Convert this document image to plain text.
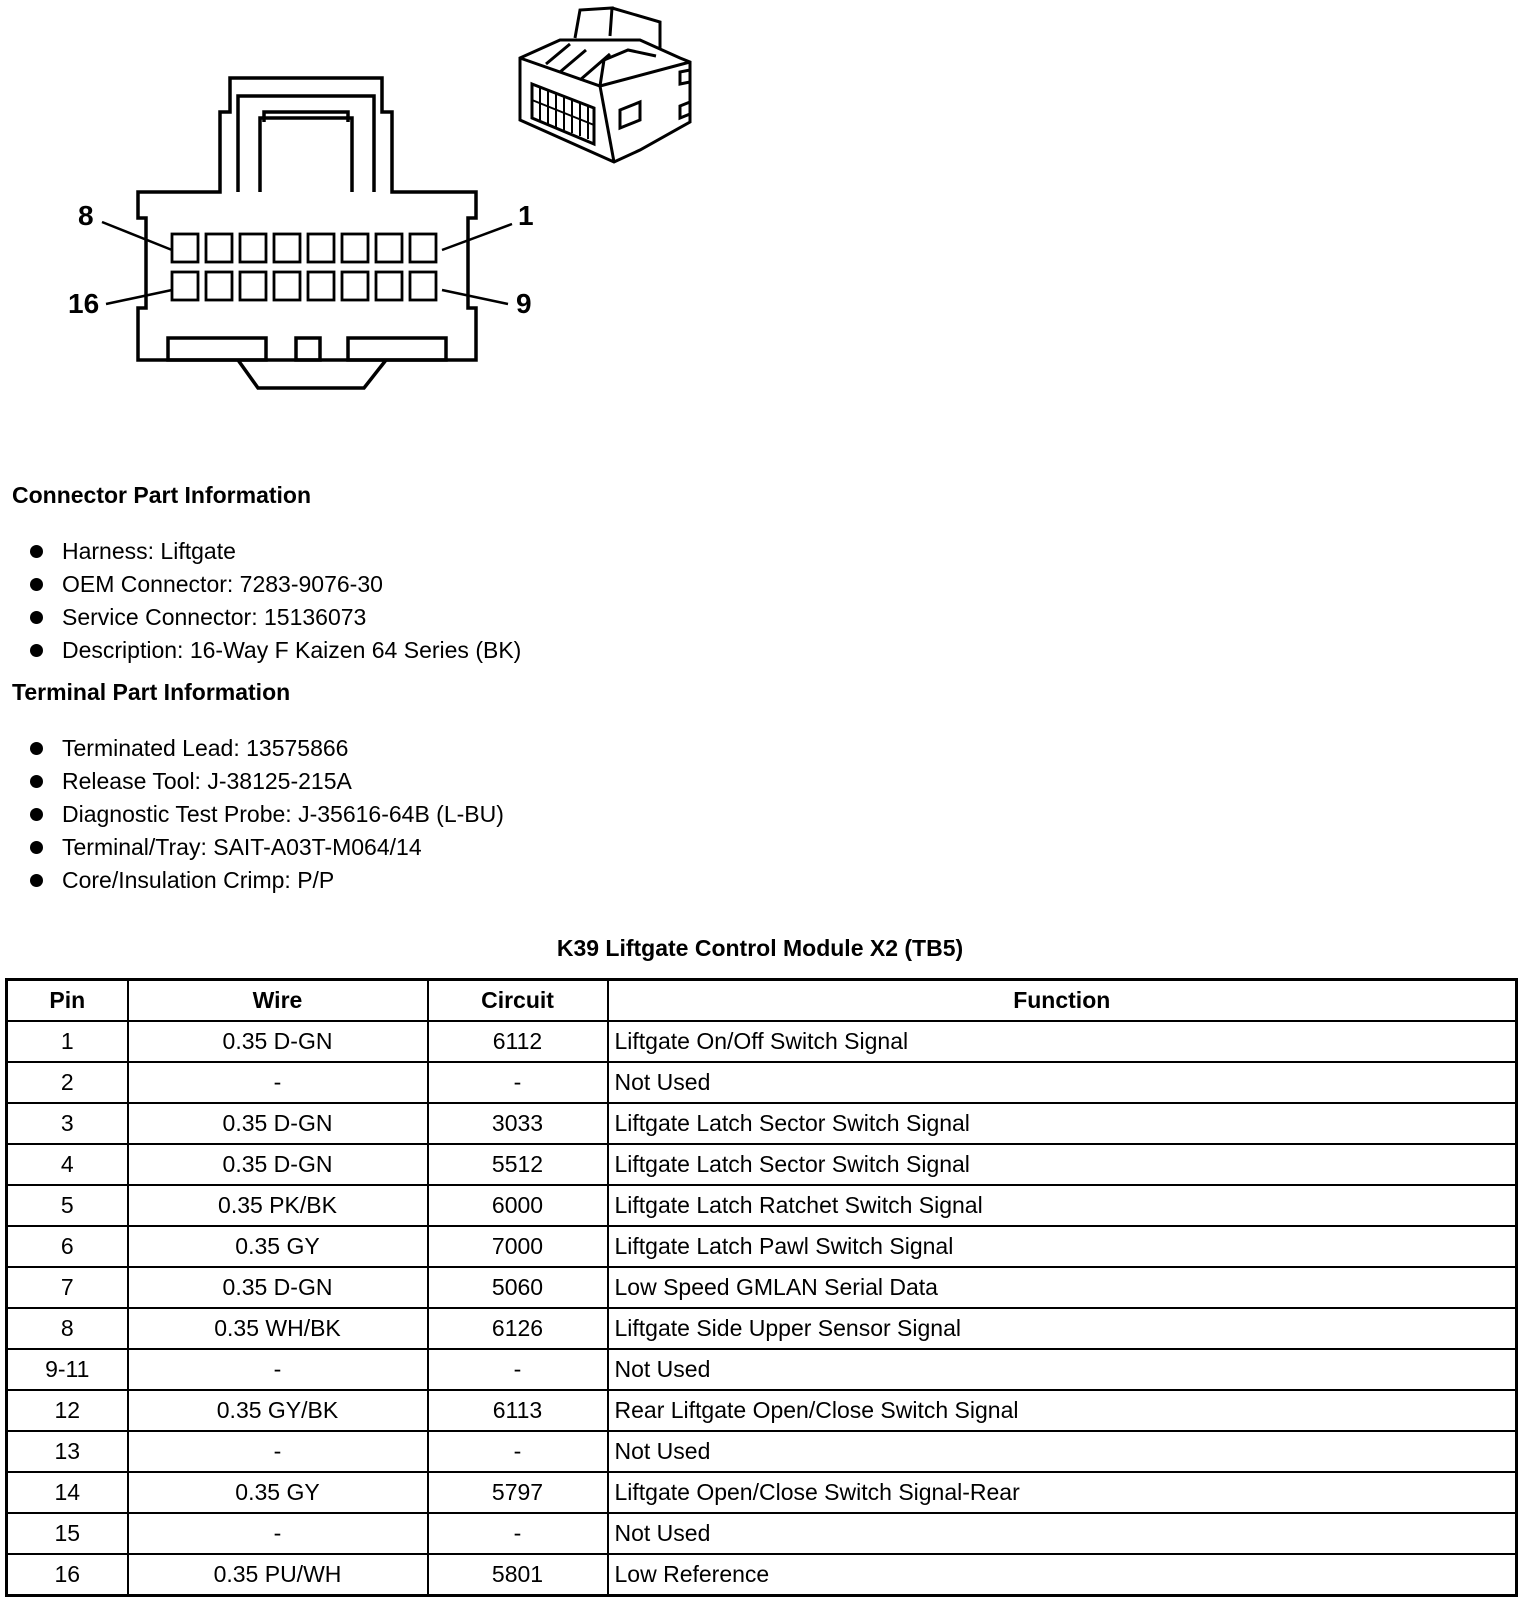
8	1
16	9
Connector Part Information
Harness: Liftgate
OEM Connector: 7283-9076-30
Service Connector: 15136073
Description: 16-Way F Kaizen 64 Series (BK)
Terminal Part Information
Terminated Lead: 13575866
Release Tool: J-38125-215A
Diagnostic Test Probe: J-35616-64B (L-BU)
Terminal/Tray: SAIT-A03T-M064/14
Core/Insulation Crimp: P/P
K39 Liftgate Control Module X2 (TB5)
Pin	Wire	Circuit	Function
1	0.35 D-GN	6112	Liftgate On/Off Switch Signal
2	-	-	Not Used
3	0.35 D-GN	3033	Liftgate Latch Sector Switch Signal
4	0.35 D-GN	5512	Liftgate Latch Sector Switch Signal
5	0.35 PK/BK	6000	Liftgate Latch Ratchet Switch Signal
6	0.35 GY	7000	Liftgate Latch Pawl Switch Signal
7	0.35 D-GN	5060	Low Speed GMLAN Serial Data
8	0.35 WH/BK	6126	Liftgate Side Upper Sensor Signal
9-11	-	-	Not Used
12	0.35 GY/BK	6113	Rear Liftgate Open/Close Switch Signal
13	-	-	Not Used
14	0.35 GY	5797	Liftgate Open/Close Switch Signal-Rear
15	-	-	Not Used
16	0.35 PU/WH	5801	Low Reference
